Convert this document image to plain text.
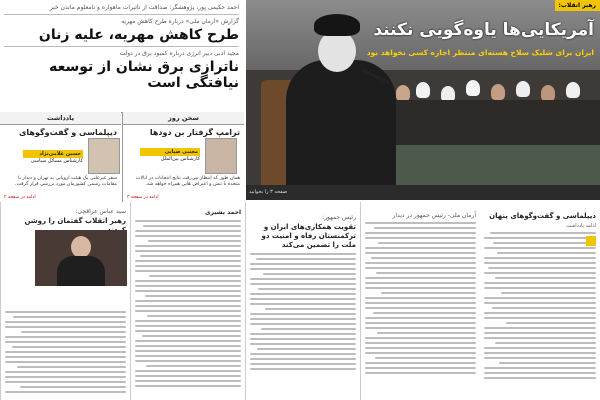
احمد حکیمی پور، پژوهشگر: صداقت از تاثیرات ماهواره و نامعلوم ماندن خبر
گزارش «ارمان ملی» درباره طرح کاهش مهریه
طرح کاهش مهریه، علیه زنان
مجید ادبی دبیر انرژی درباره کمبود برق در دولت
ناترازی برق نشان از توسعه نیافتگی است
رهبر انقلاب:
آمریکایی‌ها یاوه‌گویی نکنند
ایران برای شلیک سلاح هسته‌ای منتظر اجازه کسی نخواهد بود
صفحه ۳ را بخوانید
سخن روز
ترامپ گرفتار بن دودها
مجتبی ضیایی
کارشناس بین‌الملل
همان طور که انتظار می‌رفت نتایج انتخابات در ایالات متحده با تنش و اعتراض هایی همراه خواهد شد.
ادامه در صفحه ۳
یادداشت
دیپلماسی و گفت‌وگوهای
حسین غلامی‌نژاد
کارشناس مسائل سیاسی
سفر غیرعلنی یک هیئت اروپایی به تهران و دیدار با مقامات رسمی کشورمان مورد بررسی قرار گرفت.
ادامه در صفحه ۳
دیپلماسی و گفت‌وگوهای پنهان
ادامه یادداشت
آرمان ملی- رئیس جمهور در دیدار
رئیس جمهور:
تقویت همکاری‌های ایران و ترکمنستان رفاه و امنیت دو ملت را تضمین می‌کند
احمد بشیری
سید عباس عراقچی:
رهبر انقلاب گفتمان را روشن
